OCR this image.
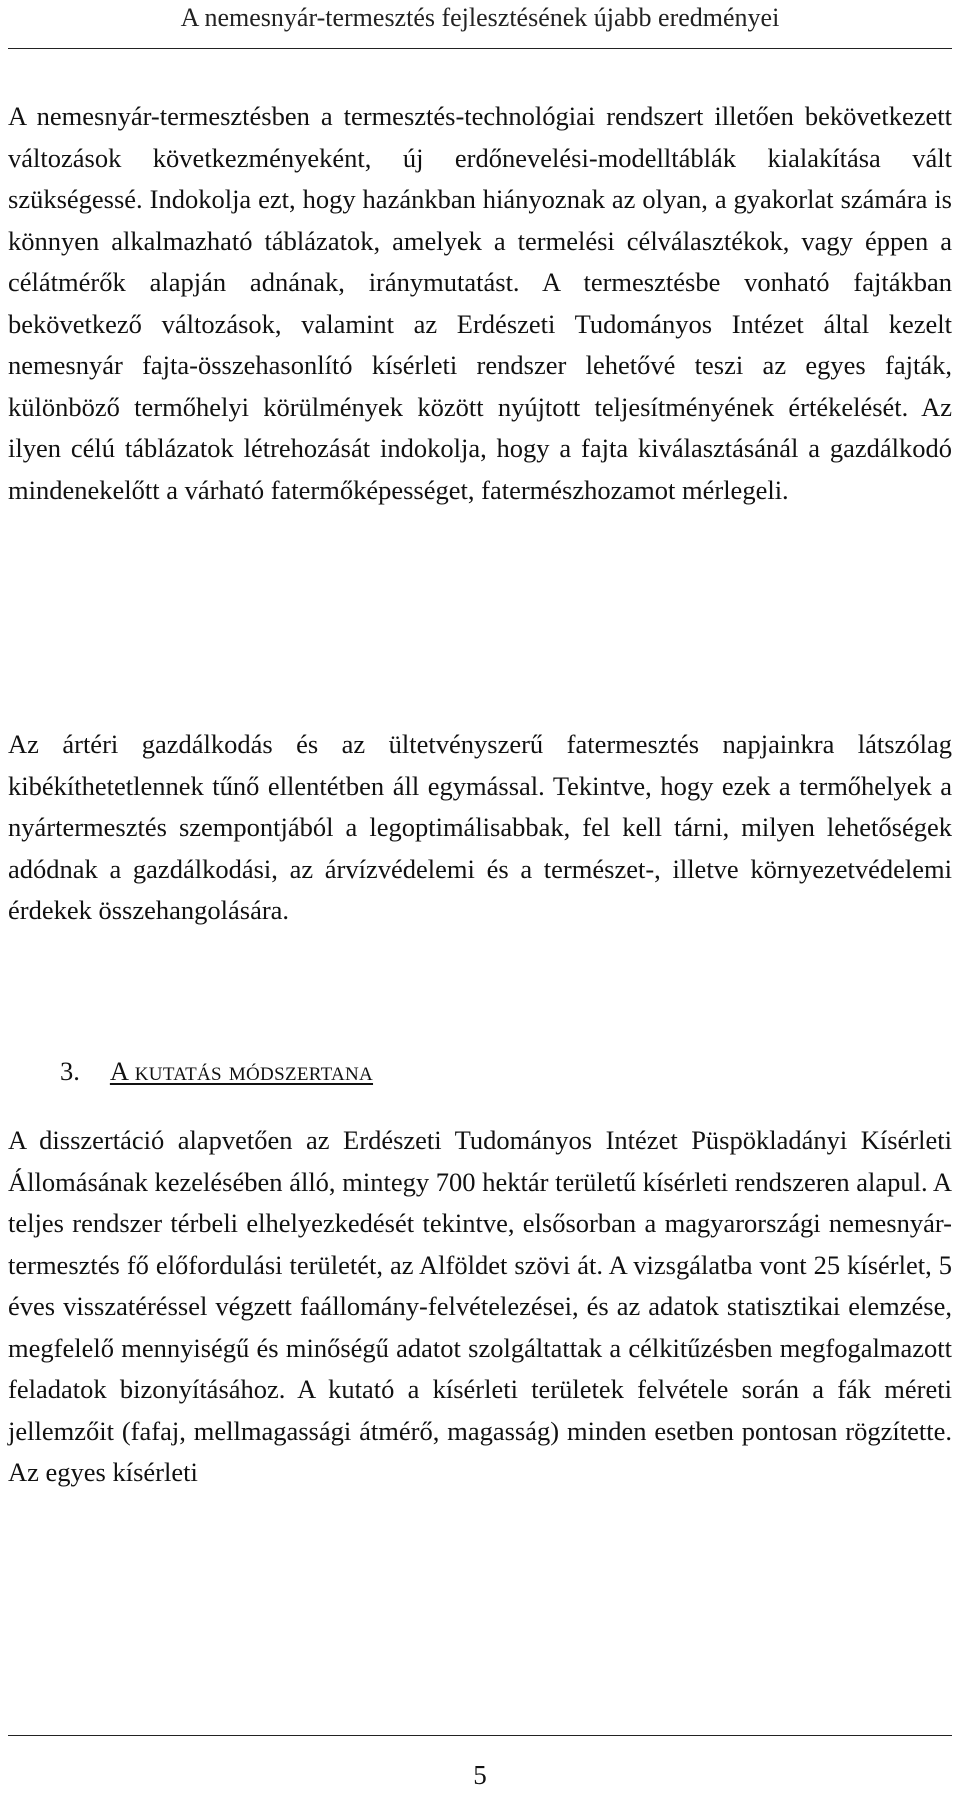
A nemesnyár-termesztés fejlesztésének újabb eredményei

A nemesnyár-termesztésben a termesztés-technológiai rendszert illetően bekövetkezett változások következményeként, új erdőnevelési-modelltáblák kialakítása vált szükségessé. Indokolja ezt, hogy hazánkban hiányoznak az olyan, a gyakorlat számára is könnyen alkalmazható táblázatok, amelyek a termelési célválasztékok, vagy éppen a célátmérők alapján adnának, iránymutatást. A termesztésbe vonható fajtákban bekövetkező változások, valamint az Erdészeti Tudományos Intézet által kezelt nemesnyár fajta-összehasonlító kísérleti rendszer lehetővé teszi az egyes fajták, különböző termőhelyi körülmények között nyújtott teljesítményének értékelését. Az ilyen célú táblázatok létrehozását indokolja, hogy a fajta kiválasztásánál a gazdálkodó mindenekelőtt a várható fatermőképességet, fatermészhozamot mérlegeli.

Az ártéri gazdálkodás és az ültetvényszerű fatermesztés napjainkra látszólag kibékíthetetlennek tűnő ellentétben áll egymással. Tekintve, hogy ezek a termőhelyek a nyártermesztés szempontjából a legoptimálisabbak, fel kell tárni, milyen lehetőségek adódnak a gazdálkodási, az árvízvédelemi és a természet-, illetve környezetvédelemi érdekek összehangolására.

3. A kutatás módszertana

A disszertáció alapvetően az Erdészeti Tudományos Intézet Püspökladányi Kísérleti Állomásának kezelésében álló, mintegy 700 hektár területű kísérleti rendszeren alapul. A teljes rendszer térbeli elhelyezkedését tekintve, elsősorban a magyarországi nemesnyár-termesztés fő előfordulási területét, az Alföldet szövi át. A vizsgálatba vont 25 kísérlet, 5 éves visszatéréssel végzett faállomány-felvételezései, és az adatok statisztikai elemzése, megfelelő mennyiségű és minőségű adatot szolgáltattak a célkitűzésben megfogalmazott feladatok bizonyításához. A kutató a kísérleti területek felvétele során a fák méreti jellemzőit (fafaj, mellmagassági átmérő, magasság) minden esetben pontosan rögzítette. Az egyes kísérleti

5
